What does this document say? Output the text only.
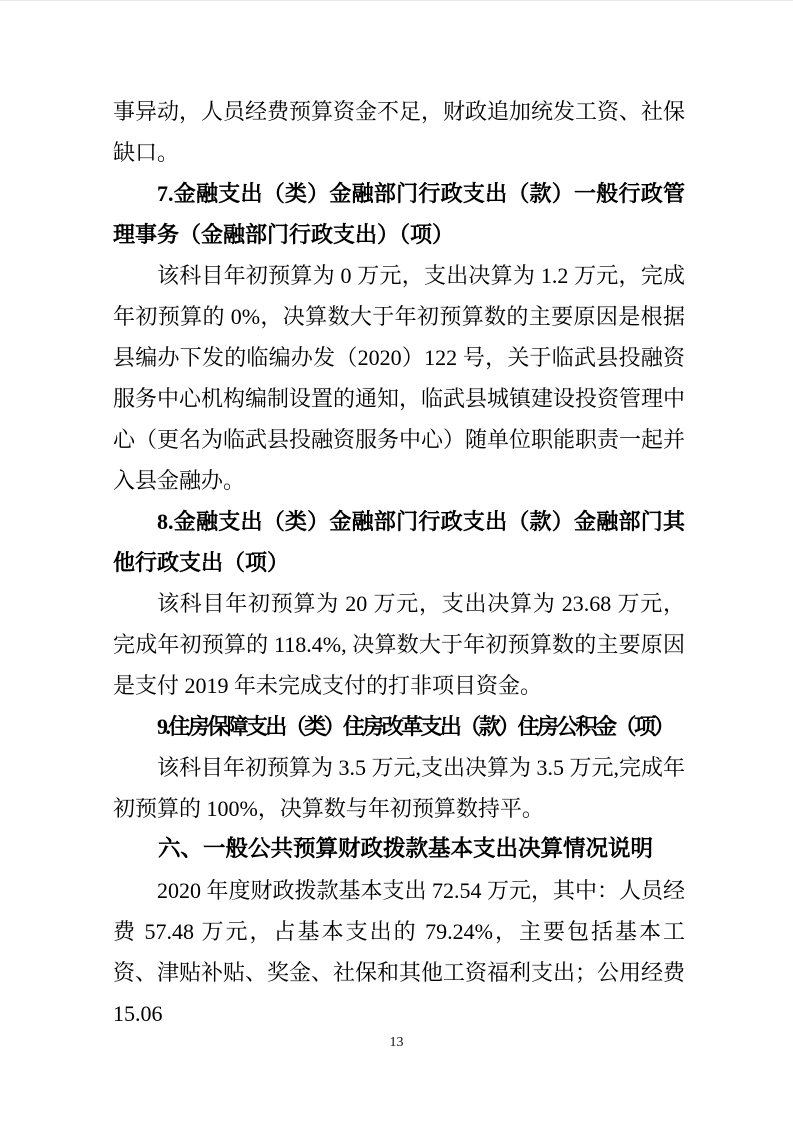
事异动，人员经费预算资金不足，财政追加统发工资、社保缺口。

7.金融支出（类）金融部门行政支出（款）一般行政管理事务（金融部门行政支出）（项）

该科目年初预算为 0 万元，支出决算为 1.2 万元，完成年初预算的 0%，决算数大于年初预算数的主要原因是根据县编办下发的临编办发（2020）122 号，关于临武县投融资服务中心机构编制设置的通知，临武县城镇建设投资管理中心（更名为临武县投融资服务中心）随单位职能职责一起并入县金融办。

8.金融支出（类）金融部门行政支出（款）金融部门其他行政支出（项）

该科目年初预算为 20 万元，支出决算为 23.68 万元，完成年初预算的 118.4%, 决算数大于年初预算数的主要原因是支付 2019 年未完成支付的打非项目资金。

9.住房保障支出（类）住房改革支出（款）住房公积金（项）

该科目年初预算为 3.5 万元,支出决算为 3.5 万元,完成年初预算的 100%，决算数与年初预算数持平。

六、一般公共预算财政拨款基本支出决算情况说明

2020 年度财政拨款基本支出 72.54 万元，其中：人员经费 57.48 万元，占基本支出的 79.24%，主要包括基本工资、津贴补贴、奖金、社保和其他工资福利支出；公用经费 15.06

13
